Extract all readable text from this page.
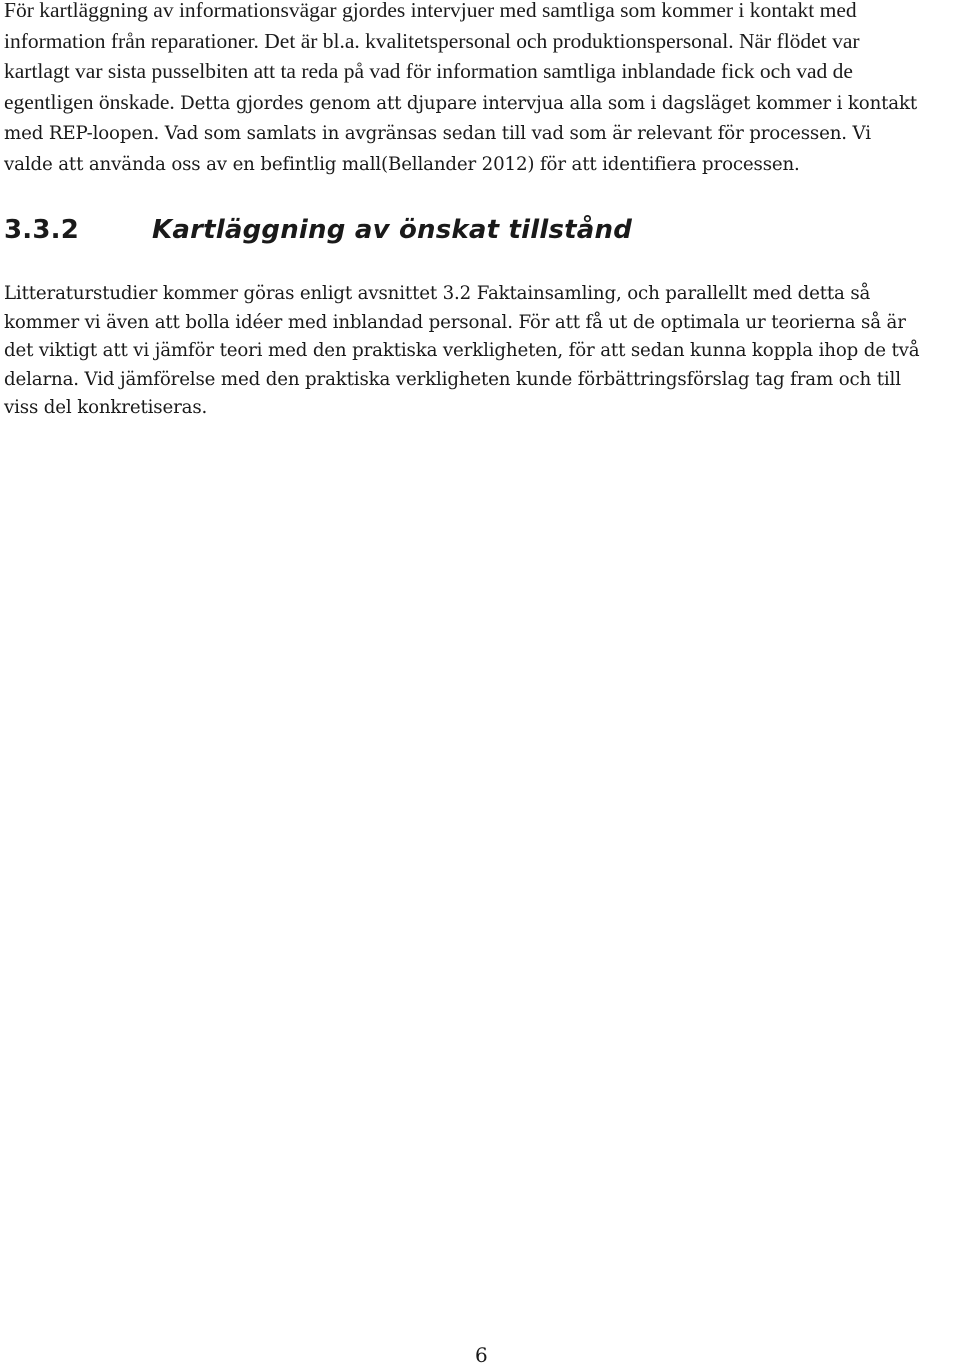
För kartläggning av informationsvägar gjordes intervjuer med samtliga som kommer i kontakt med
information från reparationer. Det är bl.a. kvalitetspersonal och produktionspersonal. När flödet var
kartlagt var sista pusselbiten att ta reda på vad för information samtliga inblandade fick och vad de
egentligen önskade. Detta gjordes genom att djupare intervjua alla som i dagsläget kommer i kontakt
med REP-loopen. Vad som samlats in avgränsas sedan till vad som är relevant för processen. Vi
valde att använda oss av en befintlig mall(Bellander 2012) för att identifiera processen.

3.3.2	Kartläggning av önskat tillstånd

Litteraturstudier kommer göras enligt avsnittet 3.2 Faktainsamling, och parallellt med detta så
kommer vi även att bolla idéer med inblandad personal. För att få ut de optimala ur teorierna så är
det viktigt att vi jämför teori med den praktiska verkligheten, för att sedan kunna koppla ihop de två
delarna. Vid jämförelse med den praktiska verkligheten kunde förbättringsförslag tag fram och till
viss del konkretiseras.

6
